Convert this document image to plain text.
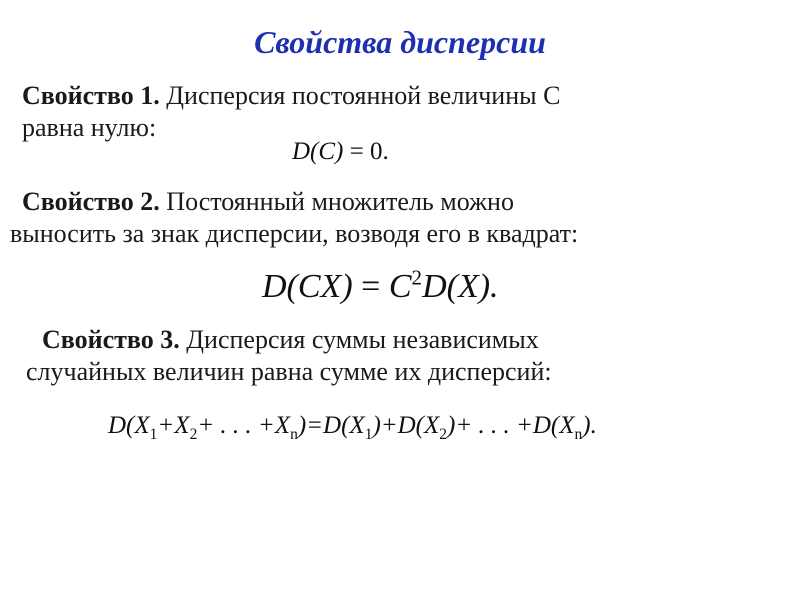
Свойства дисперсии
Свойство 1. Дисперсия постоянной величины С
равна нулю:
D(C) = 0.
Свойство 2. Постоянный множитель можно
выносить за знак дисперсии, возводя его в квадрат:
$D(CX) = C^2D(X)$.
Свойство 3. Дисперсия суммы независимых
случайных величин равна сумме их дисперсий:
$D(X_1+X_2+$ . . . $+X_n)=D(X_1)+D(X_2)+$ . . . $+D(X_n)$.
